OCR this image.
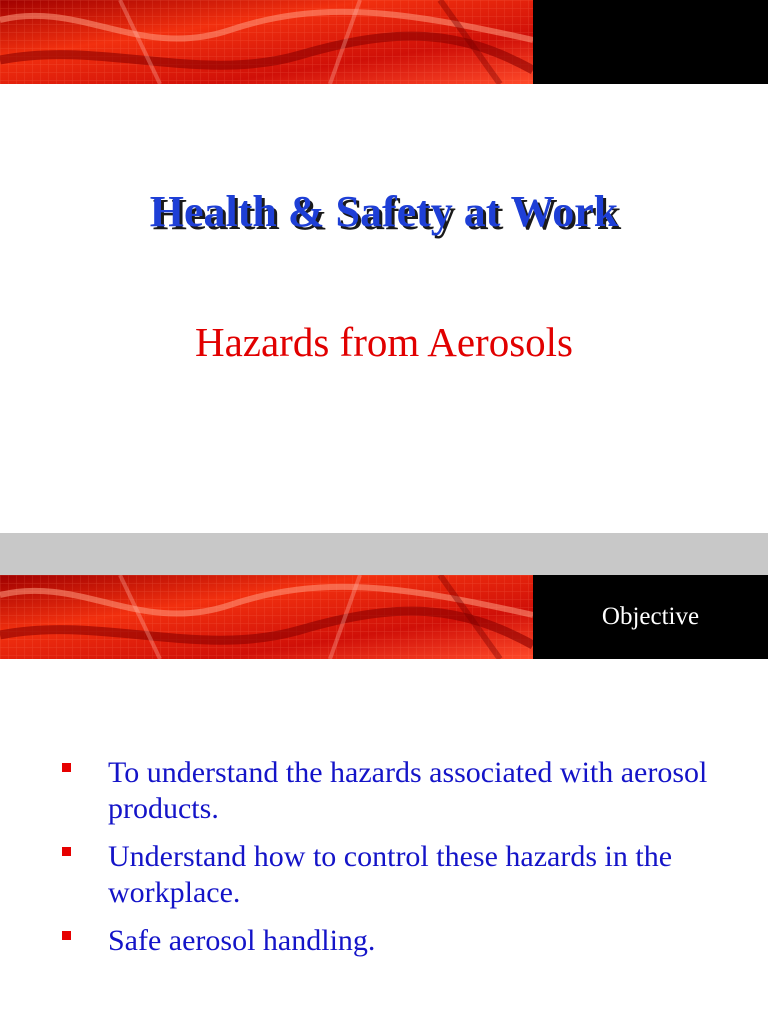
Health & Safety at Work

Hazards from Aerosols

Objective
To understand the hazards associated with aerosol products.
Understand how to control these hazards in the workplace.
Safe aerosol handling.
